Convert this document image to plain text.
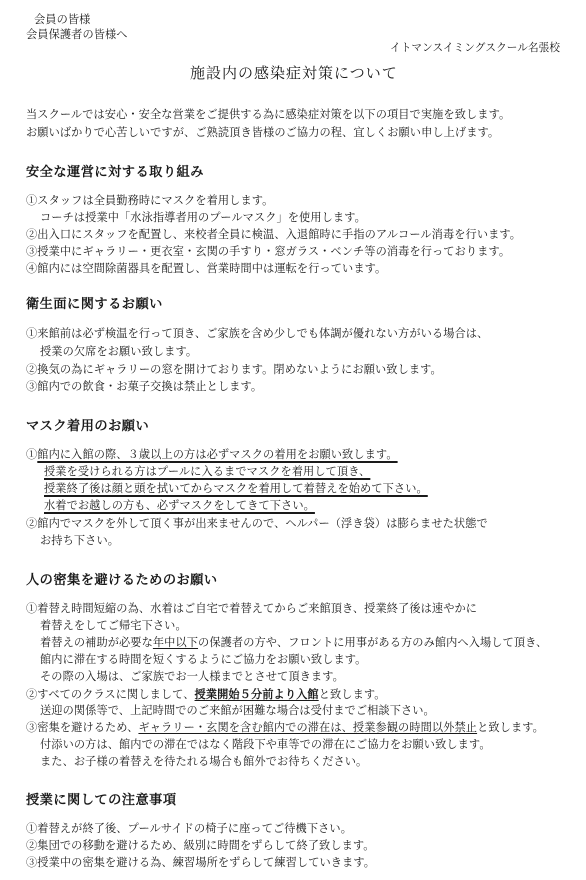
会員の皆様
会員保護者の皆様へ
イトマンスイミングスクール名張校
施設内の感染症対策について
当スクールでは安心・安全な営業をご提供する為に感染症対策を以下の項目で実施を致します。
お願いばかりで心苦しいですが、ご熟読頂き皆様のご協力の程、宜しくお願い申し上げます。
安全な運営に対する取り組み
①スタッフは全員勤務時にマスクを着用します。
コーチは授業中「水泳指導者用のプールマスク」を使用します。
②出入口にスタッフを配置し、来校者全員に検温、入退館時に手指のアルコール消毒を行います。
③授業中にギャラリー・更衣室・玄関の手すり・窓ガラス・ベンチ等の消毒を行っております。
④館内には空間除菌器具を配置し、営業時間中は運転を行っています。
衛生面に関するお願い
①来館前は必ず検温を行って頂き、ご家族を含め少しでも体調が優れない方がいる場合は、
授業の欠席をお願い致します。
②換気の為にギャラリーの窓を開けております。閉めないようにお願い致します。
③館内での飲食・お菓子交換は禁止とします。
マスク着用のお願い
①館内に入館の際、３歳以上の方は必ずマスクの着用をお願い致します。
授業を受けられる方はプールに入るまでマスクを着用して頂き、
授業終了後は顔と頭を拭いてからマスクを着用して着替えを始めて下さい。
水着でお越しの方も、必ずマスクをしてきて下さい。
②館内でマスクを外して頂く事が出来ませんので、ヘルパー（浮き袋）は膨らませた状態で
お持ち下さい。
人の密集を避けるためのお願い
①着替え時間短縮の為、水着はご自宅で着替えてからご来館頂き、授業終了後は速やかに
着替えをしてご帰宅下さい。
着替えの補助が必要な年中以下の保護者の方や、フロントに用事がある方のみ館内へ入場して頂き、
館内に滞在する時間を短くするようにご協力をお願い致します。
その際の入場は、ご家族でお一人様までとさせて頂きます。
②すべてのクラスに関しまして、授業開始５分前より入館と致します。
送迎の関係等で、上記時間でのご来館が困難な場合は受付までご相談下さい。
③密集を避けるため、ギャラリー・玄関を含む館内での滞在は、授業参観の時間以外禁止と致します。
付添いの方は、館内での滞在ではなく階段下や車等での滞在にご協力をお願い致します。
また、お子様の着替えを待たれる場合も館外でお待ちください。
授業に関しての注意事項
①着替えが終了後、プールサイドの椅子に座ってご待機下さい。
②集団での移動を避けるため、級別に時間をずらして終了致します。
③授業中の密集を避ける為、練習場所をずらして練習していきます。
